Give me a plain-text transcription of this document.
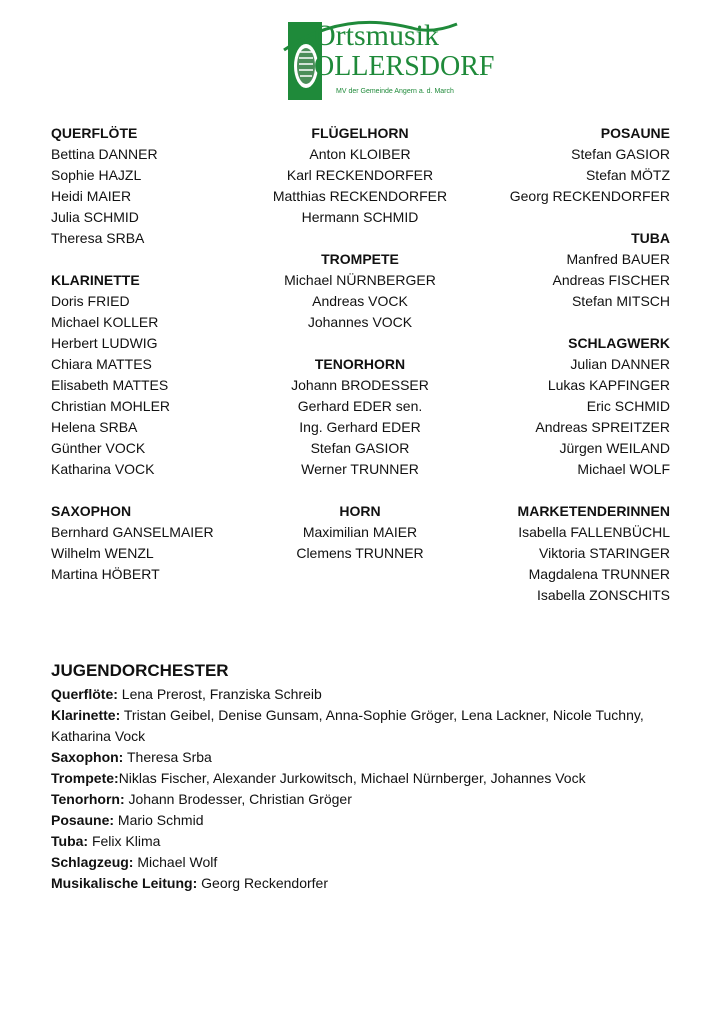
Ortsmusik
OLLERSDORF
MV der Gemeinde Angern a. d. March
QUERFLÖTE
Bettina DANNER
Sophie HAJZL
Heidi MAIER
Julia SCHMID
Theresa SRBA
KLARINETTE
Doris FRIED
Michael KOLLER
Herbert LUDWIG
Chiara MATTES
Elisabeth MATTES
Christian MOHLER
Helena SRBA
Günther VOCK
Katharina VOCK
SAXOPHON
Bernhard GANSELMAIER
Wilhelm WENZL
Martina HÖBERT
FLÜGELHORN
Anton KLOIBER
Karl RECKENDORFER
Matthias RECKENDORFER
Hermann SCHMID
TROMPETE
Michael NÜRNBERGER
Andreas VOCK
Johannes VOCK
TENORHORN
Johann BRODESSER
Gerhard EDER sen.
Ing. Gerhard EDER
Stefan GASIOR
Werner TRUNNER
HORN
Maximilian MAIER
Clemens TRUNNER
POSAUNE
Stefan GASIOR
Stefan MÖTZ
Georg RECKENDORFER
TUBA
Manfred BAUER
Andreas FISCHER
Stefan MITSCH
SCHLAGWERK
Julian DANNER
Lukas KAPFINGER
Eric SCHMID
Andreas SPREITZER
Jürgen WEILAND
Michael WOLF
MARKETENDERINNEN
Isabella FALLENBÜCHL
Viktoria STARINGER
Magdalena TRUNNER
Isabella ZONSCHITS
JUGENDORCHESTER
Querflöte: Lena Prerost, Franziska Schreib
Klarinette: Tristan Geibel, Denise Gunsam, Anna-Sophie Gröger, Lena Lackner, Nicole Tuchny, Katharina Vock
Saxophon: Theresa Srba
Trompete:Niklas Fischer, Alexander Jurkowitsch, Michael Nürnberger, Johannes Vock
Tenorhorn: Johann Brodesser, Christian Gröger
Posaune: Mario Schmid
Tuba: Felix Klima
Schlagzeug: Michael Wolf
Musikalische Leitung: Georg Reckendorfer
